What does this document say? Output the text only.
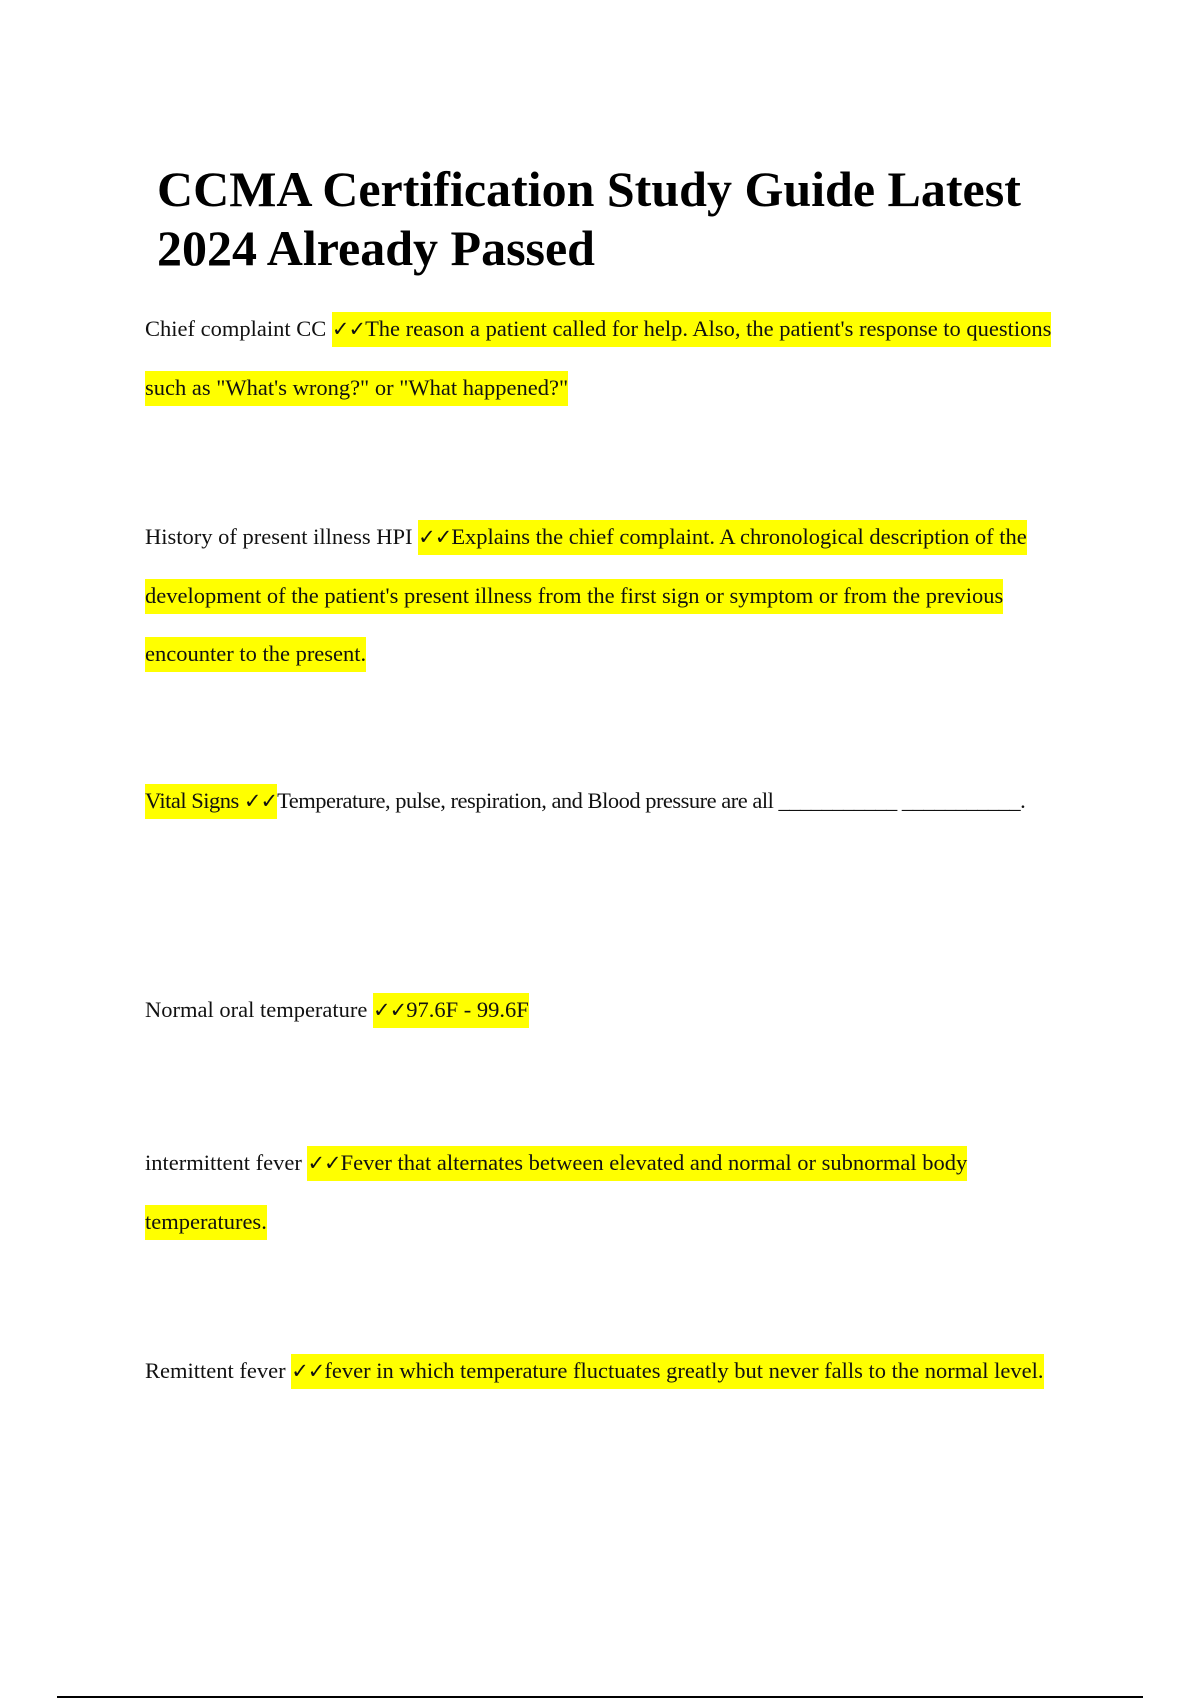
CCMA Certification Study Guide Latest 2024 Already Passed

Chief complaint CC ✓✓The reason a patient called for help. Also, the patient's response to questions such as "What's wrong?" or "What happened?"

History of present illness HPI ✓✓Explains the chief complaint. A chronological description of the development of the patient's present illness from the first sign or symptom or from the previous encounter to the present.

Vital Signs ✓✓Temperature, pulse, respiration, and Blood pressure are all ___________ ___________.

Normal oral temperature ✓✓97.6F - 99.6F

intermittent fever ✓✓Fever that alternates between elevated and normal or subnormal body temperatures.

Remittent fever ✓✓fever in which temperature fluctuates greatly but never falls to the normal level.
